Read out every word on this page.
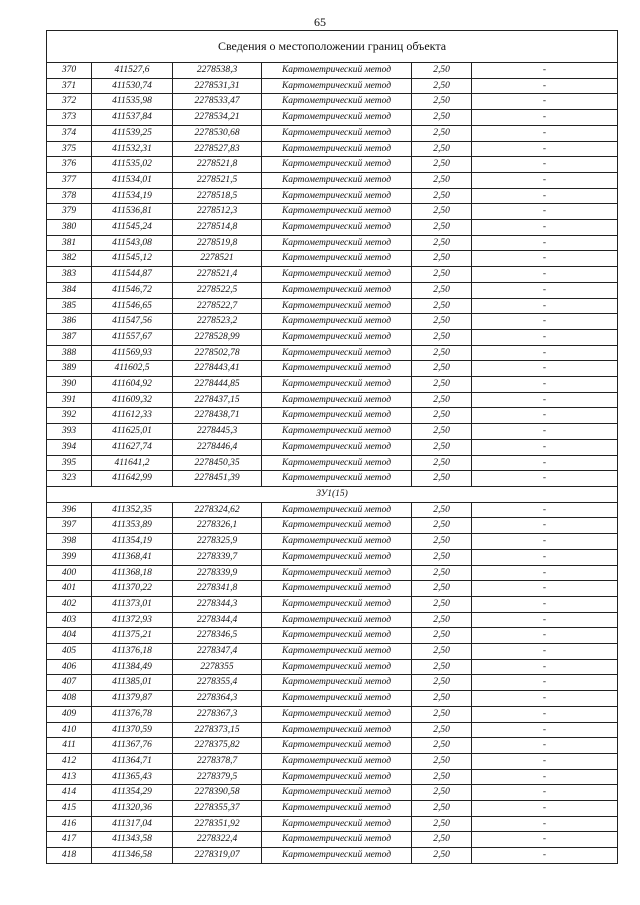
65
Сведения о местоположении границ объекта					
370	411527,6	2278538,3	Картометрический метод	2,50	-
371	411530,74	2278531,31	Картометрический метод	2,50	-
372	411535,98	2278533,47	Картометрический метод	2,50	-
373	411537,84	2278534,21	Картометрический метод	2,50	-
374	411539,25	2278530,68	Картометрический метод	2,50	-
375	411532,31	2278527,83	Картометрический метод	2,50	-
376	411535,02	2278521,8	Картометрический метод	2,50	-
377	411534,01	2278521,5	Картометрический метод	2,50	-
378	411534,19	2278518,5	Картометрический метод	2,50	-
379	411536,81	2278512,3	Картометрический метод	2,50	-
380	411545,24	2278514,8	Картометрический метод	2,50	-
381	411543,08	2278519,8	Картометрический метод	2,50	-
382	411545,12	2278521	Картометрический метод	2,50	-
383	411544,87	2278521,4	Картометрический метод	2,50	-
384	411546,72	2278522,5	Картометрический метод	2,50	-
385	411546,65	2278522,7	Картометрический метод	2,50	-
386	411547,56	2278523,2	Картометрический метод	2,50	-
387	411557,67	2278528,99	Картометрический метод	2,50	-
388	411569,93	2278502,78	Картометрический метод	2,50	-
389	411602,5	2278443,41	Картометрический метод	2,50	-
390	411604,92	2278444,85	Картометрический метод	2,50	-
391	411609,32	2278437,15	Картометрический метод	2,50	-
392	411612,33	2278438,71	Картометрический метод	2,50	-
393	411625,01	2278445,3	Картометрический метод	2,50	-
394	411627,74	2278446,4	Картометрический метод	2,50	-
395	411641,2	2278450,35	Картометрический метод	2,50	-
323	411642,99	2278451,39	Картометрический метод	2,50	-
ЗУ1(15)					
396	411352,35	2278324,62	Картометрический метод	2,50	-
397	411353,89	2278326,1	Картометрический метод	2,50	-
398	411354,19	2278325,9	Картометрический метод	2,50	-
399	411368,41	2278339,7	Картометрический метод	2,50	-
400	411368,18	2278339,9	Картометрический метод	2,50	-
401	411370,22	2278341,8	Картометрический метод	2,50	-
402	411373,01	2278344,3	Картометрический метод	2,50	-
403	411372,93	2278344,4	Картометрический метод	2,50	-
404	411375,21	2278346,5	Картометрический метод	2,50	-
405	411376,18	2278347,4	Картометрический метод	2,50	-
406	411384,49	2278355	Картометрический метод	2,50	-
407	411385,01	2278355,4	Картометрический метод	2,50	-
408	411379,87	2278364,3	Картометрический метод	2,50	-
409	411376,78	2278367,3	Картометрический метод	2,50	-
410	411370,59	2278373,15	Картометрический метод	2,50	-
411	411367,76	2278375,82	Картометрический метод	2,50	-
412	411364,71	2278378,7	Картометрический метод	2,50	-
413	411365,43	2278379,5	Картометрический метод	2,50	-
414	411354,29	2278390,58	Картометрический метод	2,50	-
415	411320,36	2278355,37	Картометрический метод	2,50	-
416	411317,04	2278351,92	Картометрический метод	2,50	-
417	411343,58	2278322,4	Картометрический метод	2,50	-
418	411346,58	2278319,07	Картометрический метод	2,50	-
